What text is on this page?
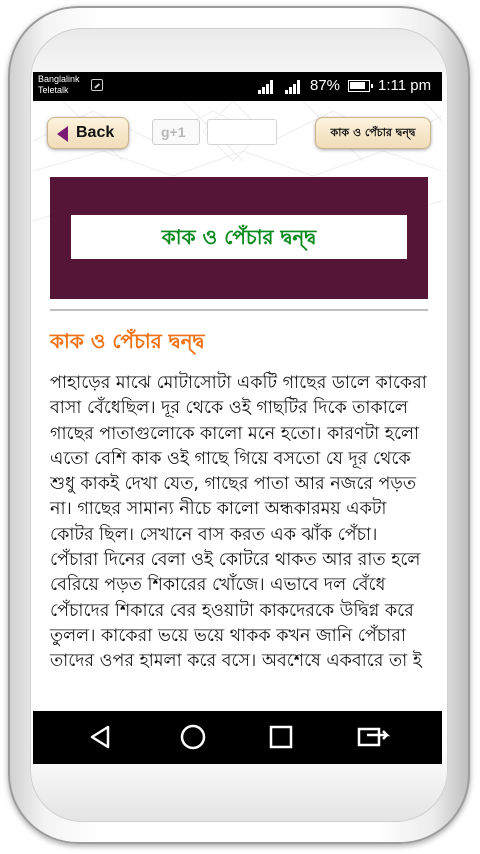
Banglalink
Teletalk	87%	1:11 pm
Back	g+1	কাক ও পেঁচার দ্বন্দ্ব
কাক ও পেঁচার দ্বন্দ্ব
কাক ও পেঁচার দ্বন্দ্ব
পাহাড়ের মাঝে মোটাসোটা একটি গাছের ডালে কাকেরা বাসা বেঁধেছিল। দূর থেকে ওই গাছটির দিকে তাকালে গাছের পাতাগুলোকে কালো মনে হতো। কারণটা হলো এতো বেশি কাক ওই গাছে গিয়ে বসতো যে দূর থেকে শুধু কাকই দেখা যেত, গাছের পাতা আর নজরে পড়ত না। গাছের সামান্য নীচে কালো অন্ধকারময় একটা কোটর ছিল। সেখানে বাস করত এক ঝাঁক পেঁচা। পেঁচারা দিনের বেলা ওই কোটরে থাকত আর রাত হলে বেরিয়ে পড়ত শিকারের খোঁজে। এভাবে দল বেঁধে পেঁচাদের শিকারে বের হওয়াটা কাকদেরকে উদ্বিগ্ন করে তুলল। কাকেরা ভয়ে ভয়ে থাকক কখন জানি পেঁচারা তাদের ওপর হামলা করে বসে। অবশেষে একবারে তা ই
